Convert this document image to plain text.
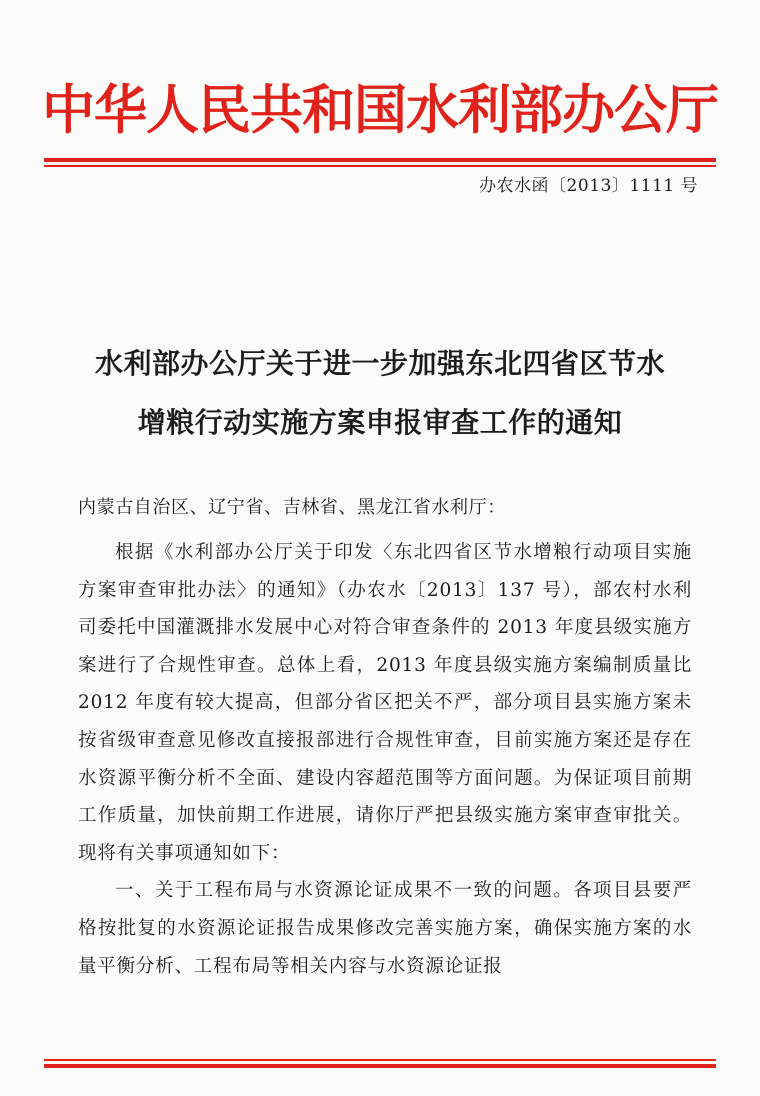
中华人民共和国水利部办公厅
办农水函〔2013〕1111 号
水利部办公厅关于进一步加强东北四省区节水
增粮行动实施方案申报审查工作的通知
内蒙古自治区、辽宁省、吉林省、黑龙江省水利厅：

根据《水利部办公厅关于印发〈东北四省区节水增粮行动项目实施方案审查审批办法〉的通知》（办农水〔2013〕137 号），部农村水利司委托中国灌溉排水发展中心对符合审查条件的 2013 年度县级实施方案进行了合规性审查。总体上看，2013 年度县级实施方案编制质量比 2012 年度有较大提高，但部分省区把关不严，部分项目县实施方案未按省级审查意见修改直接报部进行合规性审查，目前实施方案还是存在水资源平衡分析不全面、建设内容超范围等方面问题。为保证项目前期工作质量，加快前期工作进展，请你厅严把县级实施方案审查审批关。现将有关事项通知如下：

一、关于工程布局与水资源论证成果不一致的问题。各项目县要严格按批复的水资源论证报告成果修改完善实施方案，确保实施方案的水量平衡分析、工程布局等相关内容与水资源论证报
